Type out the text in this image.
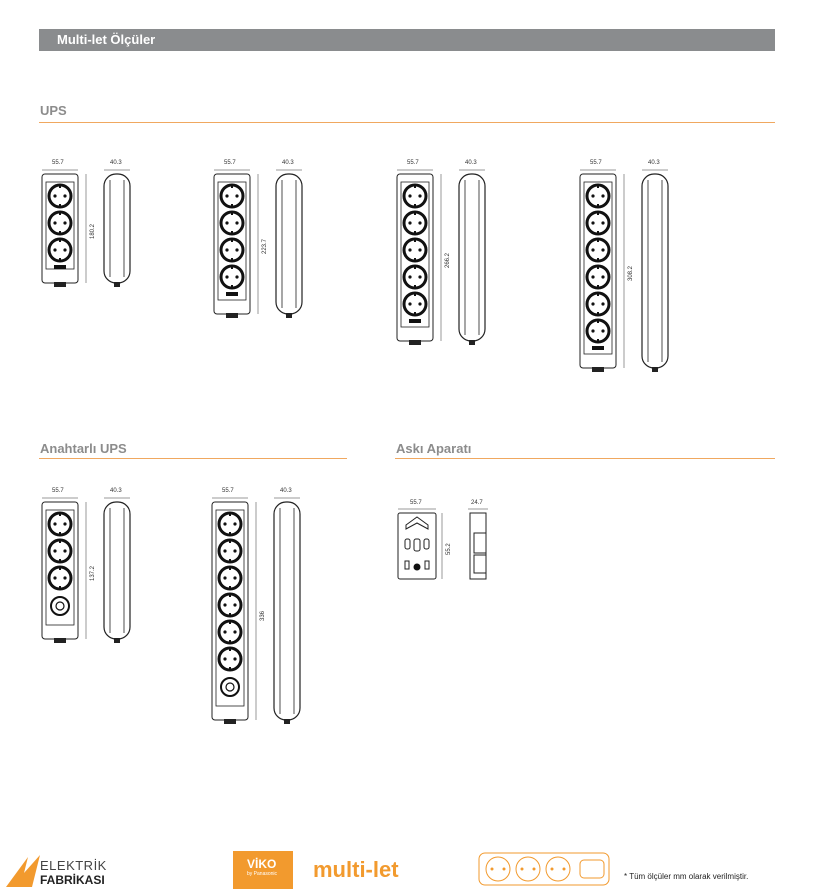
Multi-let Ölçüler
UPS
Anahtarlı UPS	Askı Aparatı
55.7	40.3
180.2
55.7	40.3
223.7
55.7	40.3
266.2
55.7	40.3
308.2
55.7	40.3
137.2
55.7	40.3
336
55.7	24.7
55.2
ELEKTRİK
FABRİKASI
VİKO
by Panasonic multi-let	* Tüm ölçüler mm olarak verilmiştir.
